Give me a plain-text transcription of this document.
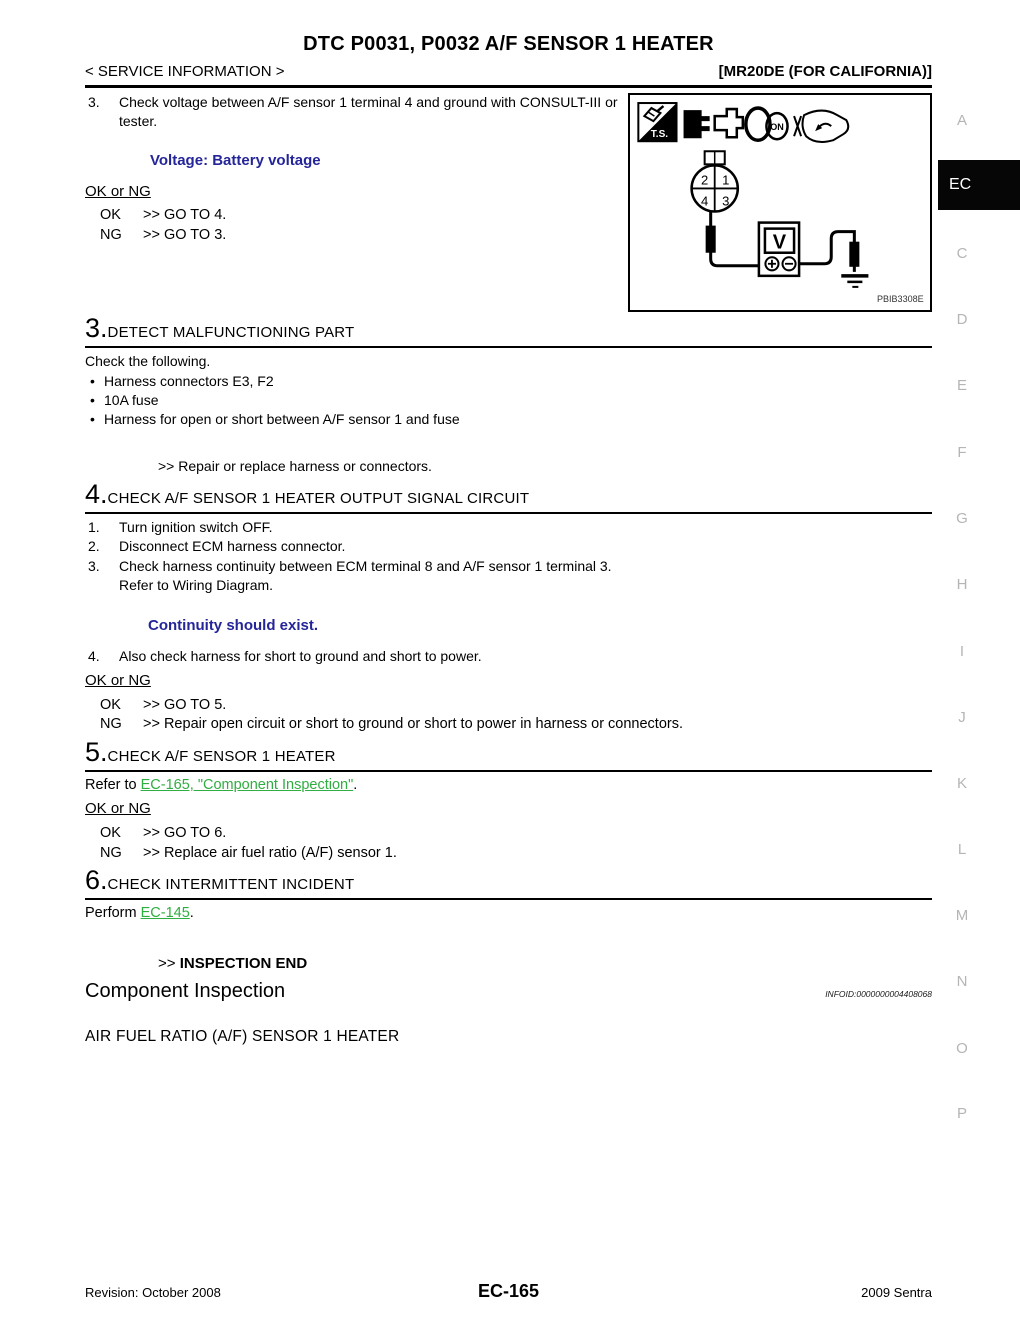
DTC P0031, P0032 A/F SENSOR 1 HEATER
< SERVICE INFORMATION >	[MR20DE (FOR CALIFORNIA)]
3.	Check voltage between A/F sensor 1 terminal 4 and ground with CONSULT-III or tester.
Voltage: Battery voltage
OK or NG
OK	>> GO TO 4.
NG	>> GO TO 3.
T.S.
ON
2 1
4 3
V
PBIB3308E
3. DETECT MALFUNCTIONING PART
Check the following.
• Harness connectors E3, F2
• 10A fuse
• Harness for open or short between A/F sensor 1 and fuse
>> Repair or replace harness or connectors.
4. CHECK A/F SENSOR 1 HEATER OUTPUT SIGNAL CIRCUIT
1.	Turn ignition switch OFF.
2.	Disconnect ECM harness connector.
3.	Check harness continuity between ECM terminal 8 and A/F sensor 1 terminal 3.
Refer to Wiring Diagram.
Continuity should exist.
4.	Also check harness for short to ground and short to power.
OK or NG
OK	>> GO TO 5.
NG	>> Repair open circuit or short to ground or short to power in harness or connectors.
5. CHECK A/F SENSOR 1 HEATER
Refer to EC-165, "Component Inspection".
OK or NG
OK	>> GO TO 6.
NG	>> Replace air fuel ratio (A/F) sensor 1.
6. CHECK INTERMITTENT INCIDENT
Perform EC-145.
>> INSPECTION END
Component Inspection	INFOID:0000000004408068
AIR FUEL RATIO (A/F) SENSOR 1 HEATER
A
EC
C
D
E
F
G
H
I
J
K
L
M
N
O
P
Revision: October 2008	EC-165	2009 Sentra
